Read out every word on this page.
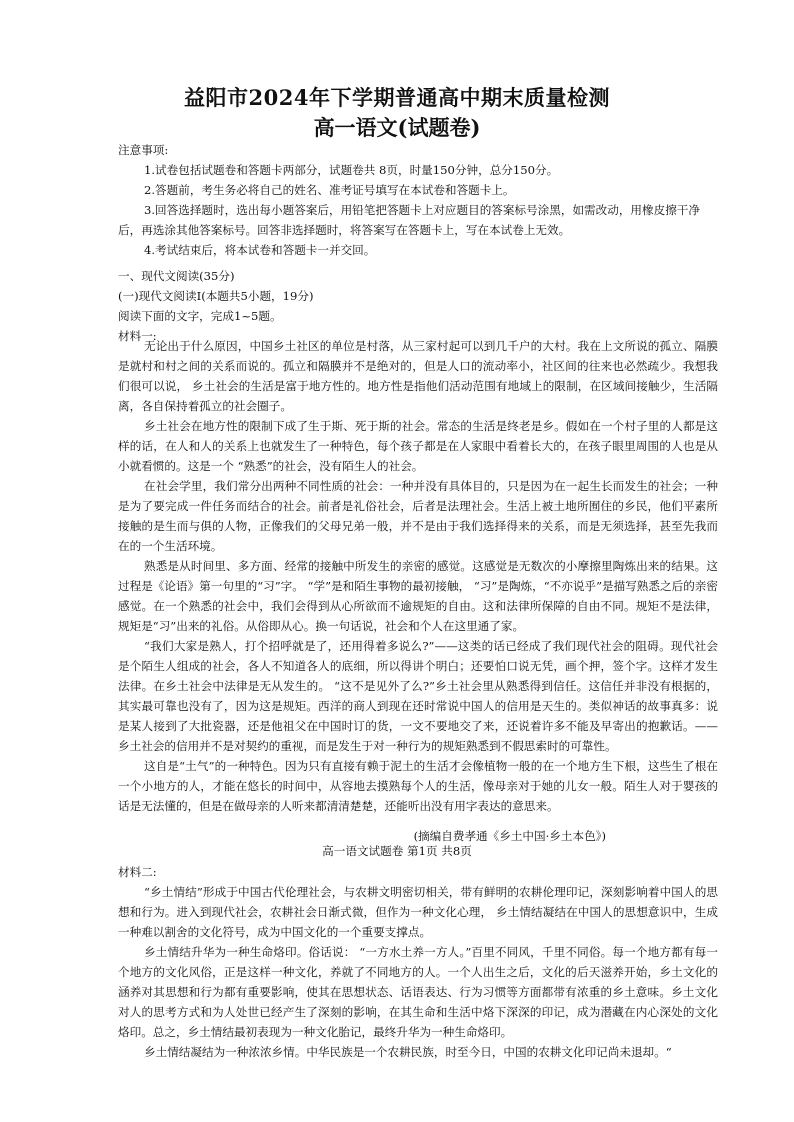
益阳市2024年下学期普通高中期末质量检测
高一语文(试题卷)
注意事项:
1.试卷包括试题卷和答题卡两部分，试题卷共 8页，时量150分钟，总分150分。
2.答题前，考生务必将自己的姓名、准考证号填写在本试卷和答题卡上。
3.回答选择题时，选出每小题答案后，用铅笔把答题卡上对应题目的答案标号涂黑，如需改动，用橡皮擦干净后，再选涂其他答案标号。回答非选择题时，将答案写在答题卡上，写在本试卷上无效。
4.考试结束后，将本试卷和答题卡一并交回。
一、现代文阅读(35分)
(一)现代文阅读Ⅰ(本题共5小题，19分)
阅读下面的文字，完成1~5题。
材料一:

无论出于什么原因，中国乡土社区的单位是村落，从三家村起可以到几千户的大村。我在上文所说的孤立、隔膜是就村和村之间的关系而说的。孤立和隔膜并不是绝对的，但是人口的流动率小，社区间的往来也必然疏少。我想我们很可以说， 乡土社会的生活是富于地方性的。地方性是指他们活动范围有地域上的限制，在区域间接触少，生活隔离，各自保持着孤立的社会圈子。

乡土社会在地方性的限制下成了生于斯、死于斯的社会。常态的生活是终老是乡。假如在一个村子里的人都是这样的话，在人和人的关系上也就发生了一种特色，每个孩子都是在人家眼中看着长大的，在孩子眼里周围的人也是从小就看惯的。这是一个 “熟悉”的社会，没有陌生人的社会。

在社会学里，我们常分出两种不同性质的社会：一种并没有具体目的，只是因为在一起生长而发生的社会；一种是为了要完成一件任务而结合的社会。前者是礼俗社会，后者是法理社会。生活上被土地所囿住的乡民，他们平素所接触的是生而与俱的人物，正像我们的父母兄弟一般，并不是由于我们选择得来的关系，而是无须选择，甚至先我而在的一个生活环境。

熟悉是从时间里、多方面、经常的接触中所发生的亲密的感觉。这感觉是无数次的小摩擦里陶炼出来的结果。这过程是《论语》第一句里的“习”字。 “学”是和陌生事物的最初接触， “习”是陶炼，“不亦说乎”是描写熟悉之后的亲密感觉。在一个熟悉的社会中，我们会得到从心所欲而不逾规矩的自由。这和法律所保障的自由不同。规矩不是法律，规矩是“习”出来的礼俗。从俗即从心。换一句话说，社会和个人在这里通了家。

“我们大家是熟人，打个招呼就是了，还用得着多说么?”——这类的话已经成了我们现代社会的阻碍。现代社会是个陌生人组成的社会，各人不知道各人的底细，所以得讲个明白；还要怕口说无凭，画个押，签个字。这样才发生法律。在乡土社会中法律是无从发生的。 “这不是见外了么?”乡土社会里从熟悉得到信任。这信任并非没有根据的，其实最可靠也没有了，因为这是规矩。西洋的商人到现在还时常说中国人的信用是天生的。类似神话的故事真多：说是某人接到了大批瓷器，还是他祖父在中国时订的货，一文不要地交了来，还说着许多不能及早寄出的抱歉话。——乡土社会的信用并不是对契约的重视，而是发生于对一种行为的规矩熟悉到不假思索时的可靠性。

这自是“土气”的一种特色。因为只有直接有赖于泥土的生活才会像植物一般的在一个地方生下根，这些生了根在一个小地方的人，才能在悠长的时间中，从容地去摸熟每个人的生活，像母亲对于她的儿女一般。陌生人对于婴孩的话是无法懂的，但是在做母亲的人听来都清清楚楚，还能听出没有用字表达的意思来。

(摘编自费孝通《乡土中国·乡土本色》)
高一语文试题卷 第1页 共8页

材料二:

“乡土情结”形成于中国古代伦理社会，与农耕文明密切相关，带有鲜明的农耕伦理印记，深刻影响着中国人的思想和行为。进入到现代社会，农耕社会日渐式微，但作为一种文化心理， 乡土情结凝结在中国人的思想意识中，生成一种难以割舍的文化符号，成为中国文化的一个重要支撑点。

乡土情结升华为一种生命烙印。俗话说： “一方水土养一方人。”百里不同风，千里不同俗。每一个地方都有每一个地方的文化风俗，正是这样一种文化，养就了不同地方的人。一个人出生之后，文化的后天滋养开始，乡土文化的涵养对其思想和行为都有重要影响，使其在思想状态、话语表达、行为习惯等方面都带有浓重的乡土意味。乡土文化对人的思考方式和为人处世已经产生了深刻的影响，在其生命和生活中烙下深深的印记，成为潜藏在内心深处的文化烙印。总之，乡土情结最初表现为一种文化胎记，最终升华为一种生命烙印。

乡土情结凝结为一种浓浓乡情。中华民族是一个农耕民族，时至今日，中国的农耕文化印记尚未退却。“
